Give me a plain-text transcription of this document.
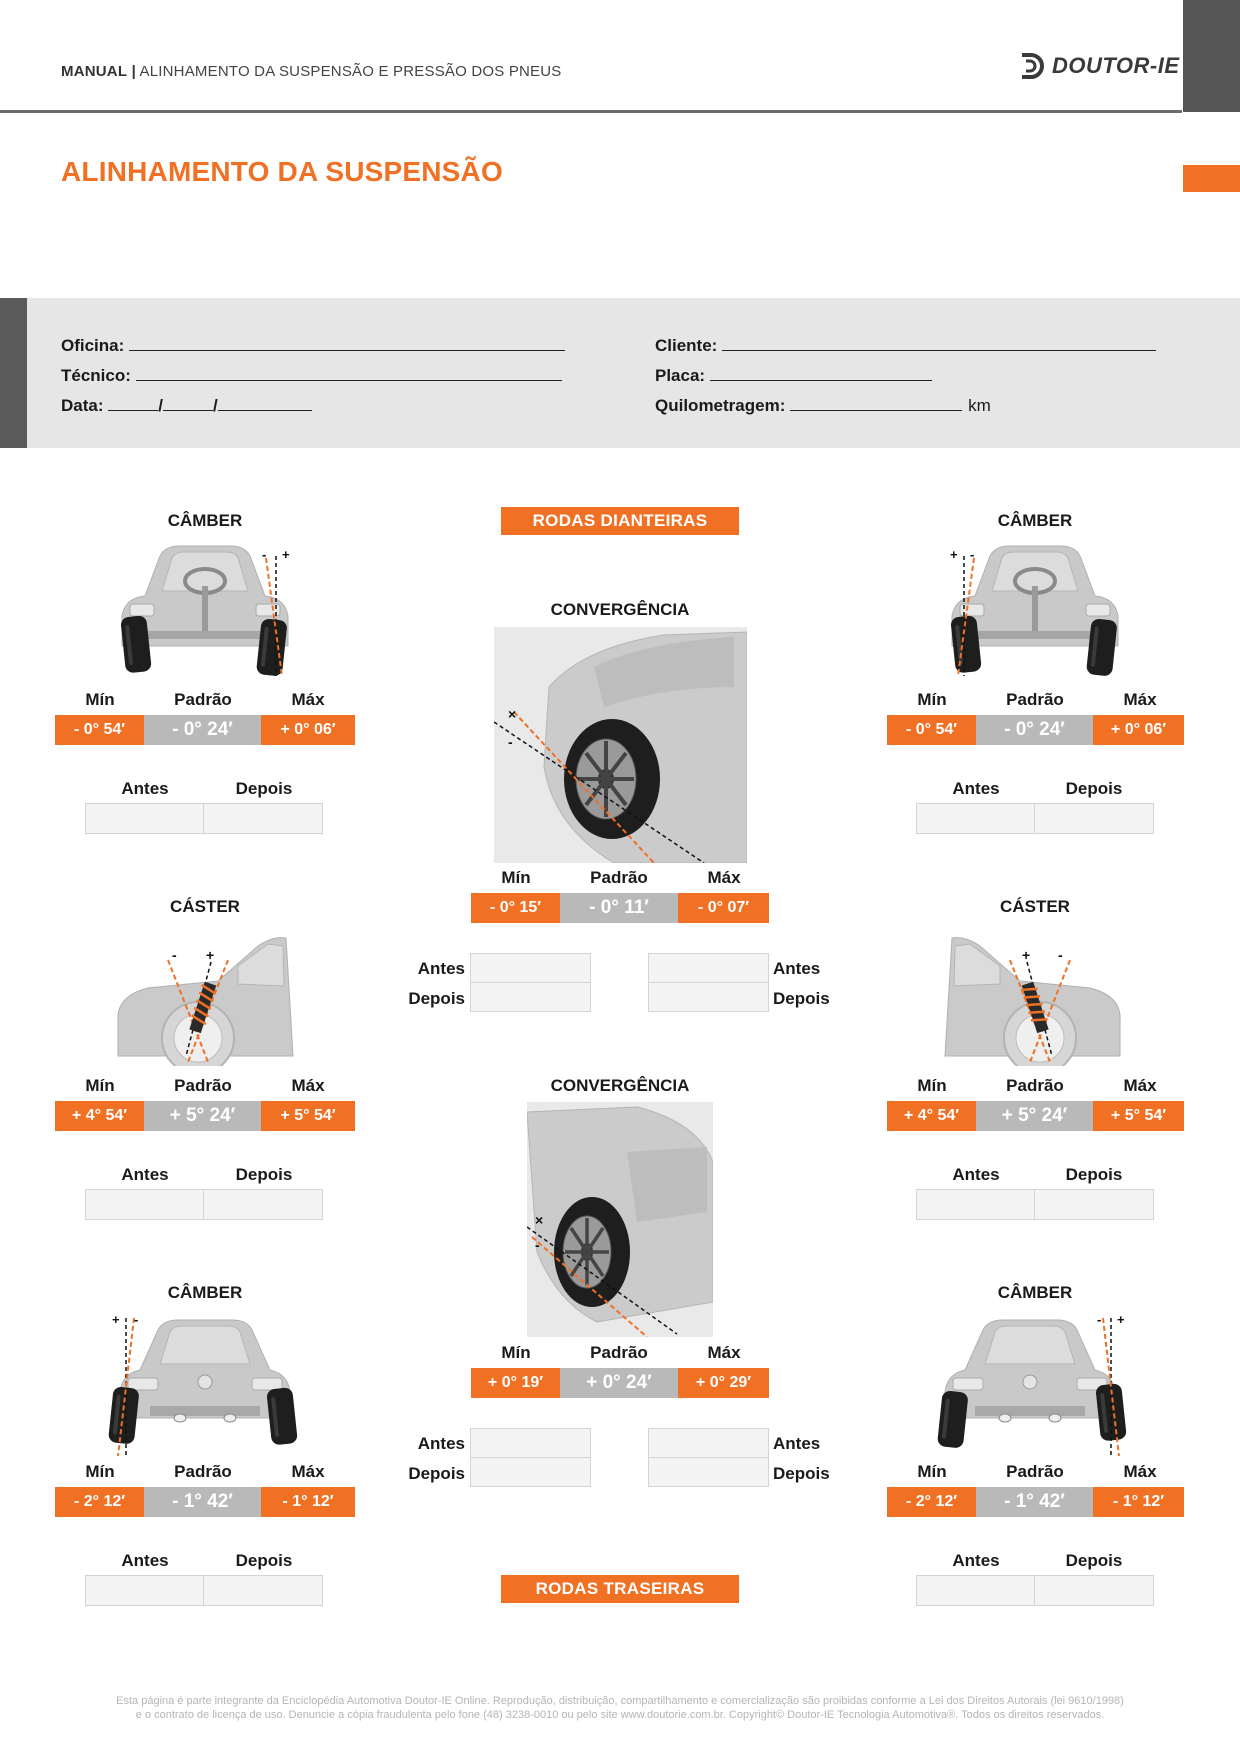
MANUAL | ALINHAMENTO DA SUSPENSÃO E PRESSÃO DOS PNEUS	DOUTOR-IE
ALINHAMENTO DA SUSPENSÃO
Oficina:
Técnico:
Data:	/	/
Cliente:
Placa:
Quilometragem:	km
CÂMBER
+
-
Mín	Padrão	Máx
- 0° 54′	- 0° 24′	+ 0° 06′
Antes	Depois
CÁSTER
- +
Mín	Padrão	Máx
+ 4° 54′	+ 5° 24′	+ 5° 54′
Antes	Depois
CÂMBER
+ -
Mín	Padrão	Máx
- 2° 12′	- 1° 42′	- 1° 12′
Antes	Depois
RODAS DIANTEIRAS
CONVERGÊNCIA
-
×
Mín	Padrão	Máx
- 0° 15′	- 0° 11′	- 0° 07′
Antes
Depois
Antes
Depois
CONVERGÊNCIA
×
-
Mín	Padrão	Máx
+ 0° 19′	+ 0° 24′	+ 0° 29′
Antes
Depois
Antes
Depois
RODAS TRASEIRAS
CÂMBER
+ -
Mín	Padrão	Máx
- 0° 54′	- 0° 24′	+ 0° 06′
Antes	Depois
CÁSTER
+ -
Mín	Padrão	Máx
+ 4° 54′	+ 5° 24′	+ 5° 54′
Antes	Depois
CÂMBER
+
-
Mín	Padrão	Máx
- 2° 12′	- 1° 42′	- 1° 12′
Antes	Depois
Esta página é parte integrante da Enciclopédia Automotiva Doutor-IE Online. Reprodução, distribuição, compartilhamento e comercialização são proibidas conforme a Lei dos Direitos Autorais (lei 9610/1998)
e o contrato de licença de uso. Denuncie a cópia fraudulenta pelo fone (48) 3238-0010 ou pelo site www.doutorie.com.br. Copyright© Doutor-IE Tecnologia Automotiva®. Todos os direitos reservados.
